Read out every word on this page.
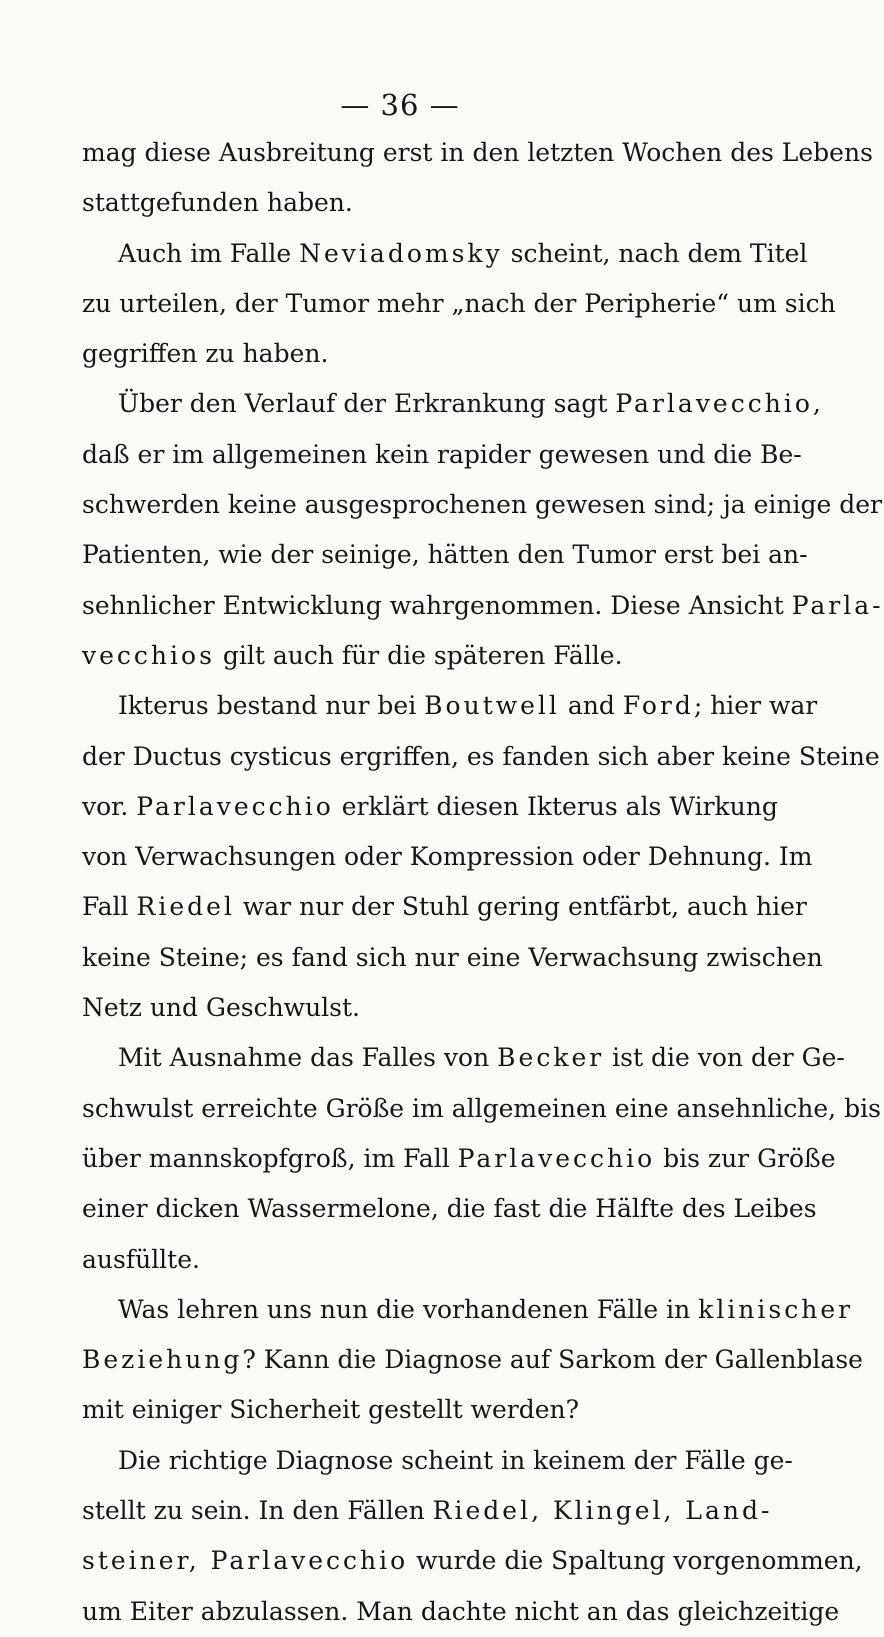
— 36 —
mag diese Ausbreitung erst in den letzten Wochen des Lebens
stattgefunden haben.
Auch im Falle Neviadomsky scheint, nach dem Titel
zu urteilen, der Tumor mehr „nach der Peripherie“ um sich
gegriffen zu haben.
Über den Verlauf der Erkrankung sagt Parlavecchio,
daß er im allgemeinen kein rapider gewesen und die Be-
schwerden keine ausgesprochenen gewesen sind; ja einige der
Patienten, wie der seinige, hätten den Tumor erst bei an-
sehnlicher Entwicklung wahrgenommen. Diese Ansicht Parla-
vecchios gilt auch für die späteren Fälle.
Ikterus bestand nur bei Boutwell and Ford; hier war
der Ductus cysticus ergriffen, es fanden sich aber keine Steine
vor. Parlavecchio erklärt diesen Ikterus als Wirkung
von Verwachsungen oder Kompression oder Dehnung. Im
Fall Riedel war nur der Stuhl gering entfärbt, auch hier
keine Steine; es fand sich nur eine Verwachsung zwischen
Netz und Geschwulst.
Mit Ausnahme das Falles von Becker ist die von der Ge-
schwulst erreichte Größe im allgemeinen eine ansehnliche, bis
über mannskopfgroß, im Fall Parlavecchio bis zur Größe
einer dicken Wassermelone, die fast die Hälfte des Leibes
ausfüllte.
Was lehren uns nun die vorhandenen Fälle in klinischer
Beziehung? Kann die Diagnose auf Sarkom der Gallenblase
mit einiger Sicherheit gestellt werden?
Die richtige Diagnose scheint in keinem der Fälle ge-
stellt zu sein. In den Fällen Riedel, Klingel, Land-
steiner, Parlavecchio wurde die Spaltung vorgenommen,
um Eiter abzulassen. Man dachte nicht an das gleichzeitige
